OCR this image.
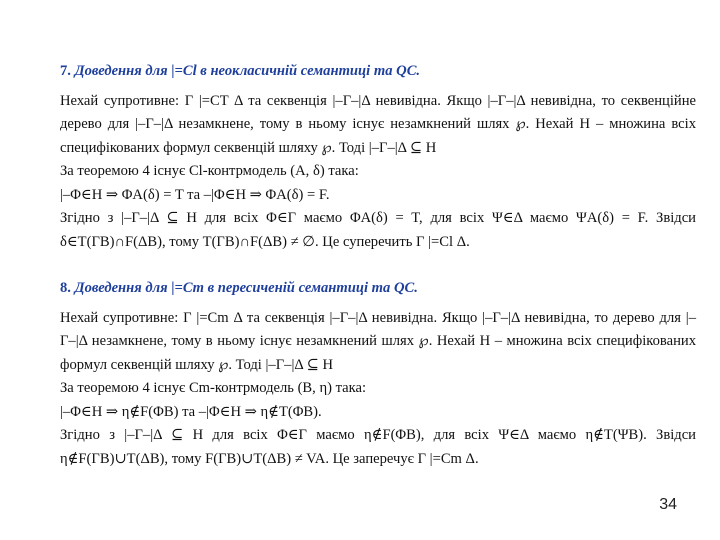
7. Доведення для |=Cl в неокласичній семантиці та QC.

Нехай супротивне: Γ |=CT Δ та секвенція |–Γ–|Δ невивідна. Якщо |–Γ–|Δ невивідна, то секвенційне дерево для |–Γ–|Δ незамкнене, тому в ньому існує незамкнений шлях ℘. Нехай H – множина всіх специфікованих формул секвенцій шляху ℘. Тоді |–Γ–|Δ ⊆ H

За теоремою 4 існує Cl-контрмодель (A, δ) така:

|–Φ∈H ⇒ ΦA(δ) = T та –|Φ∈H ⇒ ΦA(δ) = F.

Згідно з |–Γ–|Δ ⊆ H для всіх Φ∈Γ маємо ΦA(δ) = T, для всіх Ψ∈Δ маємо ΨA(δ) = F. Звідси δ∈T(ΓB)∩F(ΔB), тому T(ΓB)∩F(ΔB) ≠ ∅. Це суперечить Γ |=Cl Δ.

8. Доведення для |=Cm в пересиченій семантиці та QC.

Нехай супротивне: Γ |=Cm Δ та секвенція |–Γ–|Δ невивідна. Якщо |–Γ–|Δ невивідна, то дерево для |–Γ–|Δ незамкнене, тому в ньому існує незамкнений шлях ℘. Нехай H – множина всіх специфікованих формул секвенцій шляху ℘. Тоді |–Γ–|Δ ⊆ H

За теоремою 4 існує Cm-контрмодель (B, η) така:

|–Φ∈H ⇒ η∉F(ΦB) та –|Φ∈H ⇒ η∉T(ΦB).

Згідно з |–Γ–|Δ ⊆ H для всіх Φ∈Γ маємо η∉F(ΦB), для всіх Ψ∈Δ маємо η∉T(ΨB). Звідси η∉F(ΓB)∪T(ΔB), тому F(ΓB)∪T(ΔB) ≠ VA. Це заперечує Γ |=Cm Δ.

34
